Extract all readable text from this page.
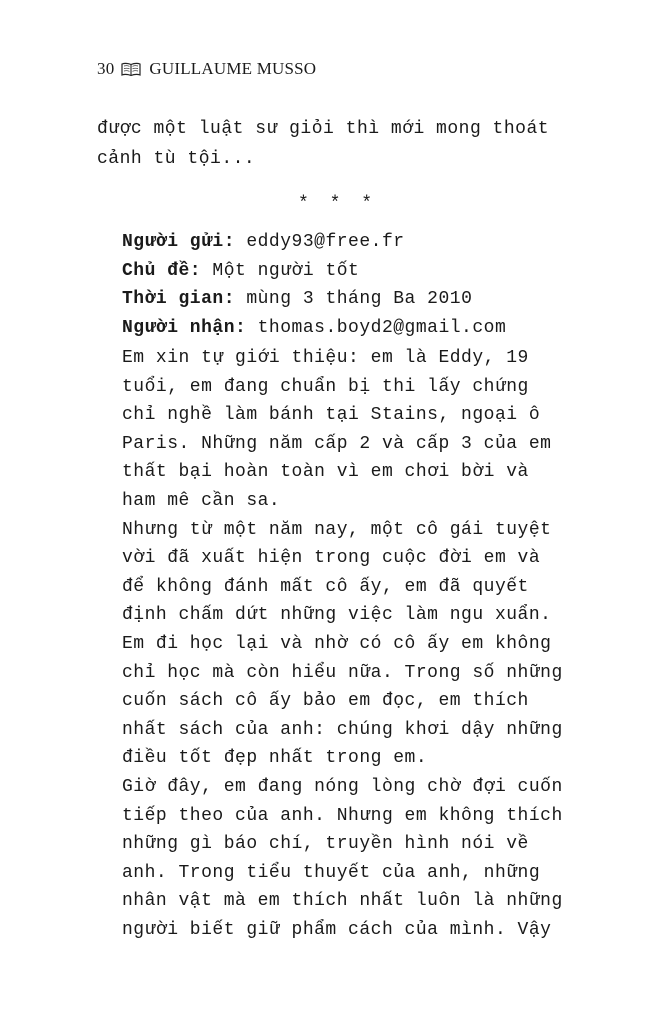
30 GUILLAUME MUSSO
được một luật sư giỏi thì mới mong thoát
cảnh tù tội...
* * *
Người gửi: eddy93@free.fr
Chủ đề: Một người tốt
Thời gian: mùng 3 tháng Ba 2010
Người nhận: thomas.boyd2@gmail.com
Em xin tự giới thiệu: em là Eddy, 19
tuổi, em đang chuẩn bị thi lấy chứng
chỉ nghề làm bánh tại Stains, ngoại ô
Paris. Những năm cấp 2 và cấp 3 của em
thất bại hoàn toàn vì em chơi bời và
ham mê cần sa.
Nhưng từ một năm nay, một cô gái tuyệt
vời đã xuất hiện trong cuộc đời em và
để không đánh mất cô ấy, em đã quyết
định chấm dứt những việc làm ngu xuẩn.
Em đi học lại và nhờ có cô ấy em không
chỉ học mà còn hiểu nữa. Trong số những
cuốn sách cô ấy bảo em đọc, em thích
nhất sách của anh: chúng khơi dậy những
điều tốt đẹp nhất trong em.
Giờ đây, em đang nóng lòng chờ đợi cuốn
tiếp theo của anh. Nhưng em không thích
những gì báo chí, truyền hình nói về
anh. Trong tiểu thuyết của anh, những
nhân vật mà em thích nhất luôn là những
người biết giữ phẩm cách của mình. Vậy
